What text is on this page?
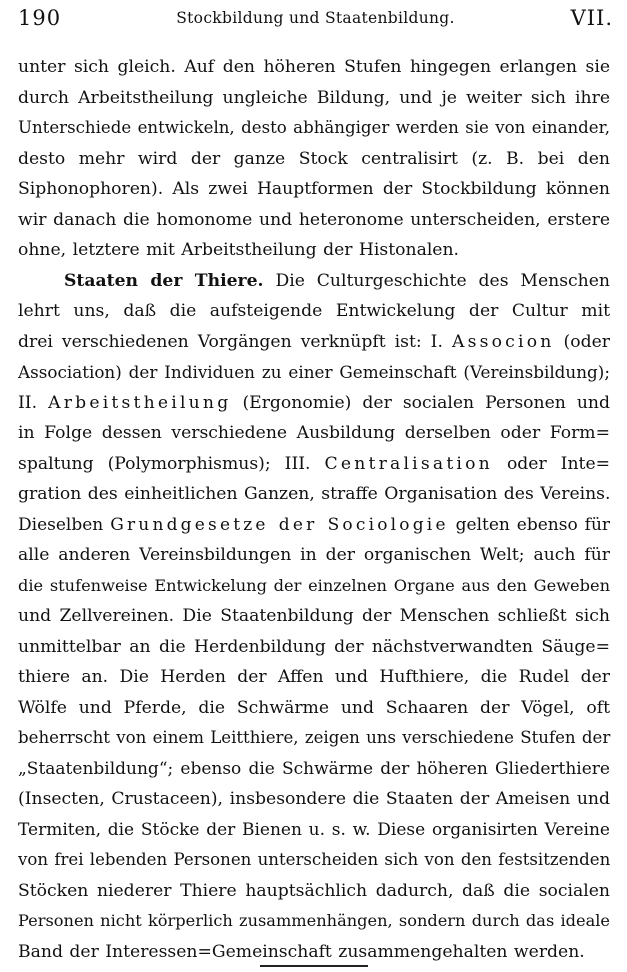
190	Stockbildung und Staatenbildung.	VII.
unter sich gleich. Auf den höheren Stufen hingegen erlangen sie
durch Arbeitstheilung ungleiche Bildung, und je weiter sich ihre
Unterschiede entwickeln, desto abhängiger werden sie von einander,
desto mehr wird der ganze Stock centralisirt (z. B. bei den
Siphonophoren). Als zwei Hauptformen der Stockbildung können
wir danach die homonome und heteronome unterscheiden, erstere
ohne, letztere mit Arbeitstheilung der Histonalen.
Staaten der Thiere. Die Culturgeschichte des Menschen
lehrt uns, daß die aufsteigende Entwickelung der Cultur mit
drei verschiedenen Vorgängen verknüpft ist: I. Associon (oder
Association) der Individuen zu einer Gemeinschaft (Vereinsbildung);
II. Arbeitstheilung (Ergonomie) der socialen Personen und
in Folge dessen verschiedene Ausbildung derselben oder Form=
spaltung (Polymorphismus); III. Centralisation oder Inte=
gration des einheitlichen Ganzen, straffe Organisation des Vereins.
Dieselben Grundgesetze der Sociologie gelten ebenso für
alle anderen Vereinsbildungen in der organischen Welt; auch für
die stufenweise Entwickelung der einzelnen Organe aus den Geweben
und Zellvereinen. Die Staatenbildung der Menschen schließt sich
unmittelbar an die Herdenbildung der nächstverwandten Säuge=
thiere an. Die Herden der Affen und Hufthiere, die Rudel der
Wölfe und Pferde, die Schwärme und Schaaren der Vögel, oft
beherrscht von einem Leitthiere, zeigen uns verschiedene Stufen der
„Staatenbildung“; ebenso die Schwärme der höheren Gliederthiere
(Insecten, Crustaceen), insbesondere die Staaten der Ameisen und
Termiten, die Stöcke der Bienen u. s. w. Diese organisirten Vereine
von frei lebenden Personen unterscheiden sich von den festsitzenden
Stöcken niederer Thiere hauptsächlich dadurch, daß die socialen
Personen nicht körperlich zusammenhängen, sondern durch das ideale
Band der Interessen=Gemeinschaft zusammengehalten werden.
